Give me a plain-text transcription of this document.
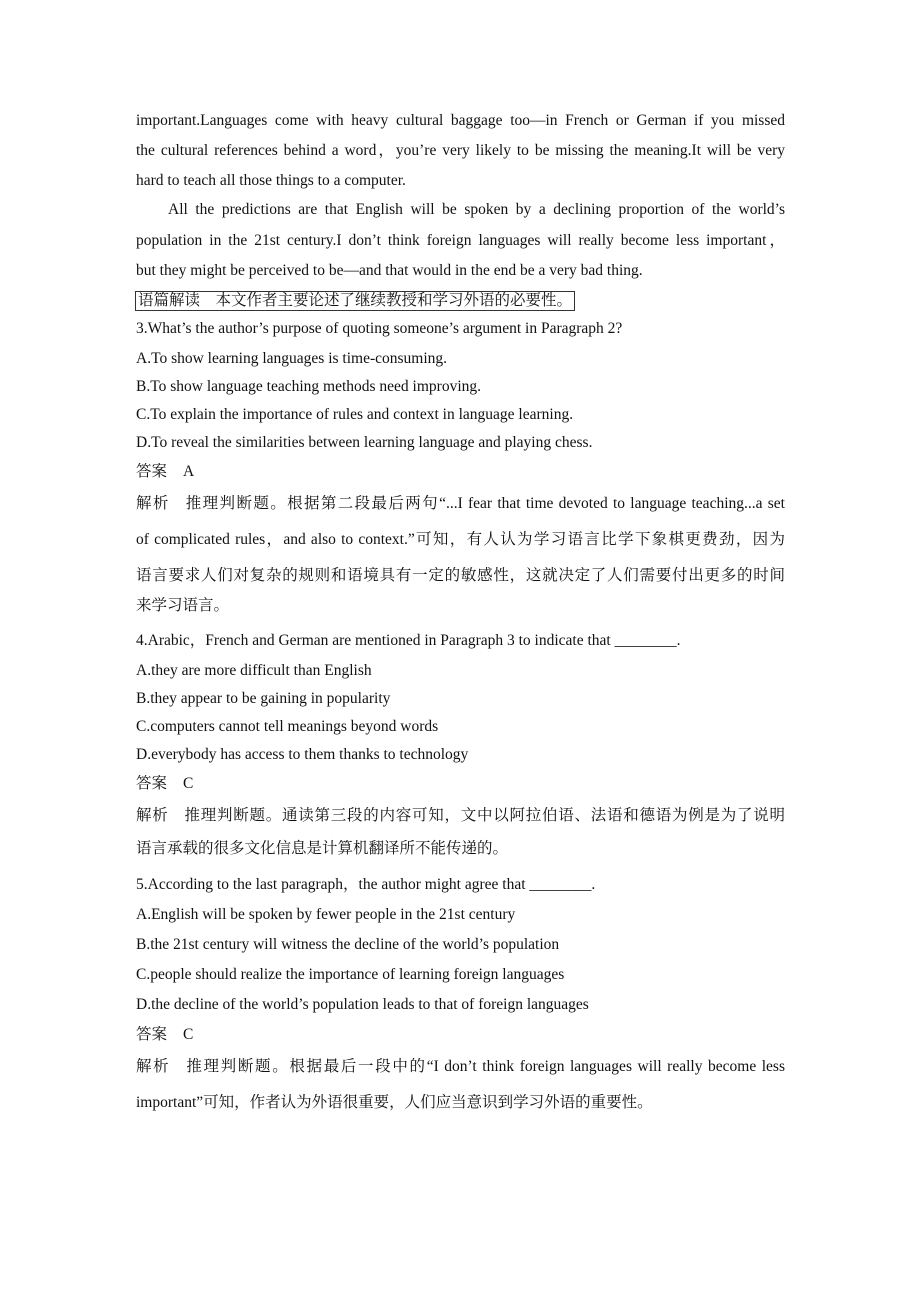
important.Languages come with heavy cultural baggage too—in French or German if you missed
the cultural references behind a word，you’re very likely to be missing the meaning.It will be very
hard to teach all those things to a computer.
All the predictions are that English will be spoken by a declining proportion of the world’s
population in the 21st century.I don’t think foreign languages will really become less important，
but they might be perceived to be—and that would in the end be a very bad thing.
语篇解读　本文作者主要论述了继续教授和学习外语的必要性。
3.What’s the author’s purpose of quoting someone’s argument in Paragraph 2?
A.To show learning languages is time-consuming.
B.To show language teaching methods need improving.
C.To explain the importance of rules and context in language learning.
D.To reveal the similarities between learning language and playing chess.
答案 A
解析 推理判断题。根据第二段最后两句“...I fear that time devoted to language teaching...a set
of complicated rules，and also to context.”可知，有人认为学习语言比学下象棋更费劲，因为
语言要求人们对复杂的规则和语境具有一定的敏感性，这就决定了人们需要付出更多的时间
来学习语言。
4.Arabic，French and German are mentioned in Paragraph 3 to indicate that ________.
A.they are more difficult than English
B.they appear to be gaining in popularity
C.computers cannot tell meanings beyond words
D.everybody has access to them thanks to technology
答案 C
解析 推理判断题。通读第三段的内容可知，文中以阿拉伯语、法语和德语为例是为了说明
语言承载的很多文化信息是计算机翻译所不能传递的。
5.According to the last paragraph，the author might agree that ________.
A.English will be spoken by fewer people in the 21st century
B.the 21st century will witness the decline of the world’s population
C.people should realize the importance of learning foreign languages
D.the decline of the world’s population leads to that of foreign languages
答案 C
解析 推理判断题。根据最后一段中的“I don’t think foreign languages will really become less
important”可知，作者认为外语很重要，人们应当意识到学习外语的重要性。
